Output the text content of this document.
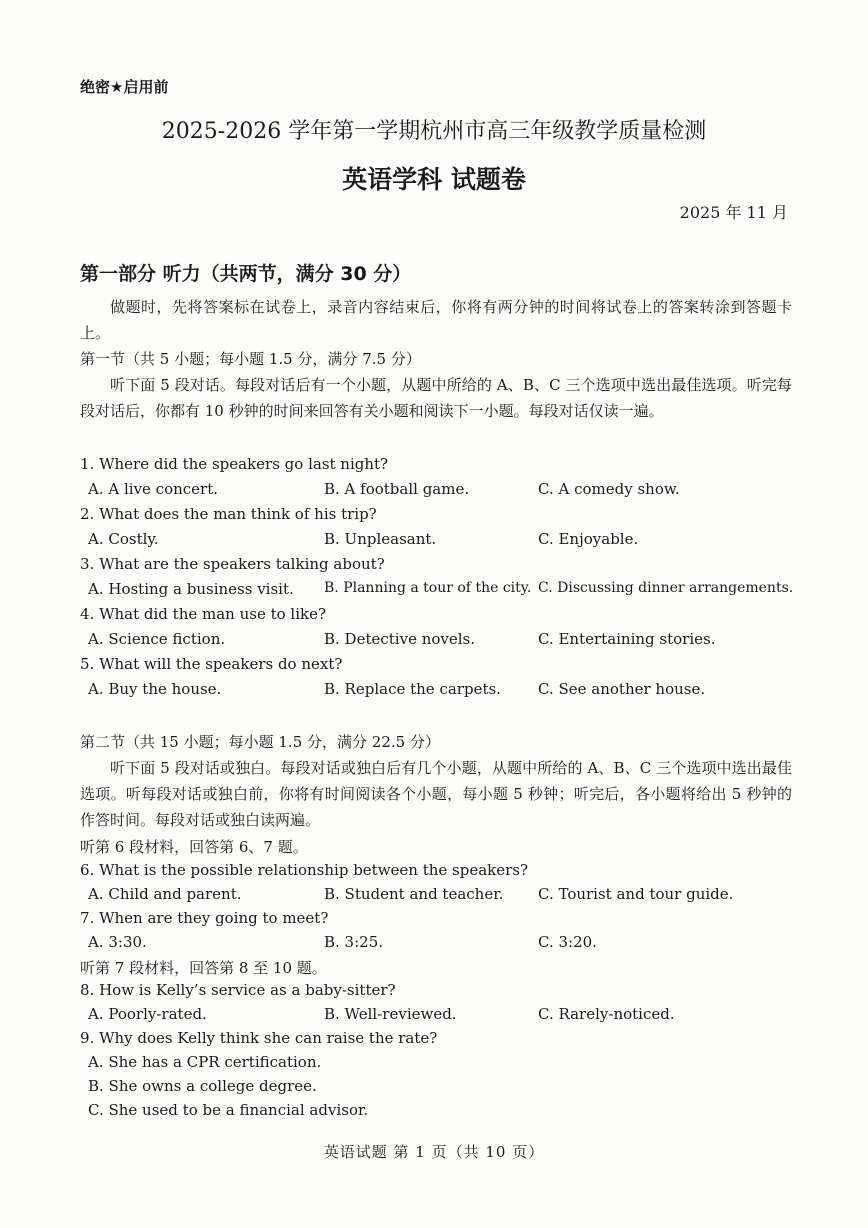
绝密★启用前
2025-2026 学年第一学期杭州市高三年级教学质量检测
英语学科 试题卷
2025 年 11 月
第一部分 听力（共两节，满分 30 分）
做题时，先将答案标在试卷上，录音内容结束后，你将有两分钟的时间将试卷上的答案转涂到答题卡上。
第一节（共 5 小题；每小题 1.5 分，满分 7.5 分）
听下面 5 段对话。每段对话后有一个小题，从题中所给的 A、B、C 三个选项中选出最佳选项。听完每段对话后，你都有 10 秒钟的时间来回答有关小题和阅读下一小题。每段对话仅读一遍。
1. Where did the speakers go last night?
A. A live concert.	B. A football game.	C. A comedy show.
2. What does the man think of his trip?
A. Costly.	B. Unpleasant.	C. Enjoyable.
3. What are the speakers talking about?
A. Hosting a business visit. B. Planning a tour of the city. C. Discussing dinner arrangements.
4. What did the man use to like?
A. Science fiction.	B. Detective novels.	C. Entertaining stories.
5. What will the speakers do next?
A. Buy the house.	B. Replace the carpets. C. See another house.
第二节（共 15 小题；每小题 1.5 分，满分 22.5 分）
听下面 5 段对话或独白。每段对话或独白后有几个小题，从题中所给的 A、B、C 三个选项中选出最佳选项。听每段对话或独白前，你将有时间阅读各个小题，每小题 5 秒钟；听完后，各小题将给出 5 秒钟的作答时间。每段对话或独白读两遍。
听第 6 段材料，回答第 6、7 题。
6. What is the possible relationship between the speakers?
A. Child and parent.	B. Student and teacher. C. Tourist and tour guide.
7. When are they going to meet?
A. 3:30.	B. 3:25.	C. 3:20.
听第 7 段材料，回答第 8 至 10 题。
8. How is Kelly’s service as a baby-sitter?
A. Poorly-rated.	B. Well-reviewed.	C. Rarely-noticed.
9. Why does Kelly think she can raise the rate?
A. She has a CPR certification.
B. She owns a college degree.
C. She used to be a financial advisor.
英语试题 第 1 页（共 10 页）
